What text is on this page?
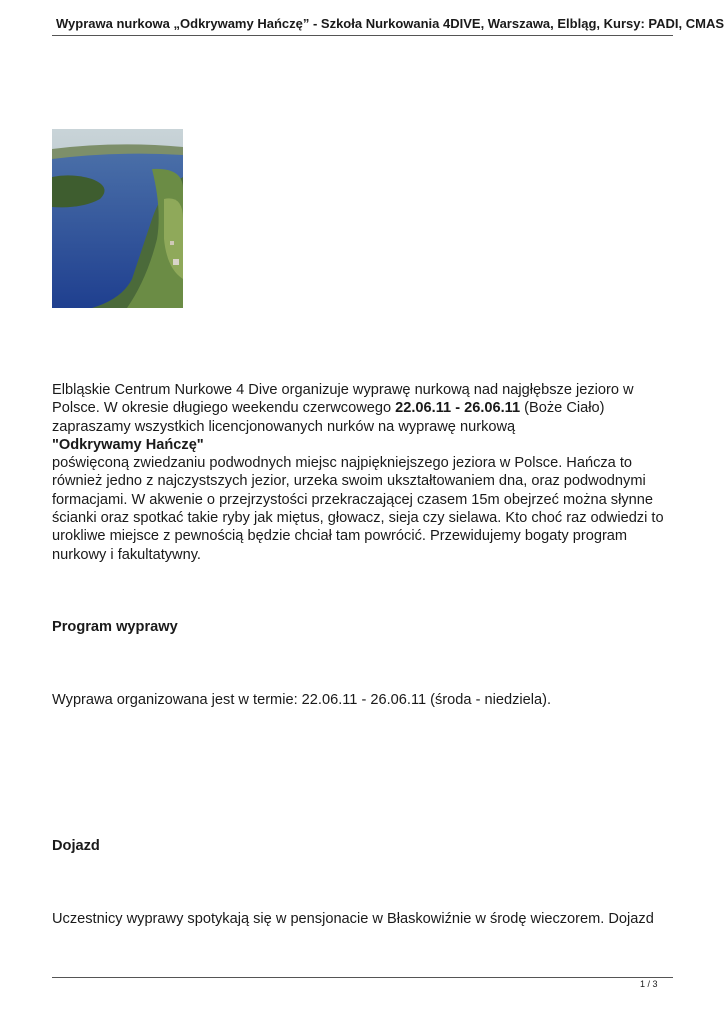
Wyprawa nurkowa „Odkrywamy Hańczę” - Szkoła Nurkowania 4DIVE, Warszawa, Elbląg, Kursy: PADI, CMAS
Elbląskie Centrum Nurkowe 4 Dive organizuje wyprawę nurkową nad najgłębsze jezioro w
Polsce. W okresie długiego weekendu czerwcowego 22.06.11 - 26.06.11 (Boże Ciało)
zapraszamy wszystkich licencjonowanych nurków na wyprawę nurkową
"Odkrywamy Hańczę"
poświęconą zwiedzaniu podwodnych miejsc najpiękniejszego jeziora w Polsce. Hańcza to
również jedno z najczystszych jezior, urzeka swoim ukształtowaniem dna, oraz podwodnymi
formacjami. W akwenie o przejrzystości przekraczającej czasem 15m obejrzeć można słynne
ścianki oraz spotkać takie ryby jak miętus, głowacz, sieja czy sielawa. Kto choć raz odwiedzi to
urokliwe miejsce z pewnością będzie chciał tam powrócić. Przewidujemy bogaty program
nurkowy i fakultatywny.
Program wyprawy
Wyprawa organizowana jest w termie: 22.06.11 - 26.06.11 (środa - niedziela).
Dojazd
Uczestnicy wyprawy spotykają się w pensjonacie w Błaskowiźnie w środę wieczorem. Dojazd
1 / 3
